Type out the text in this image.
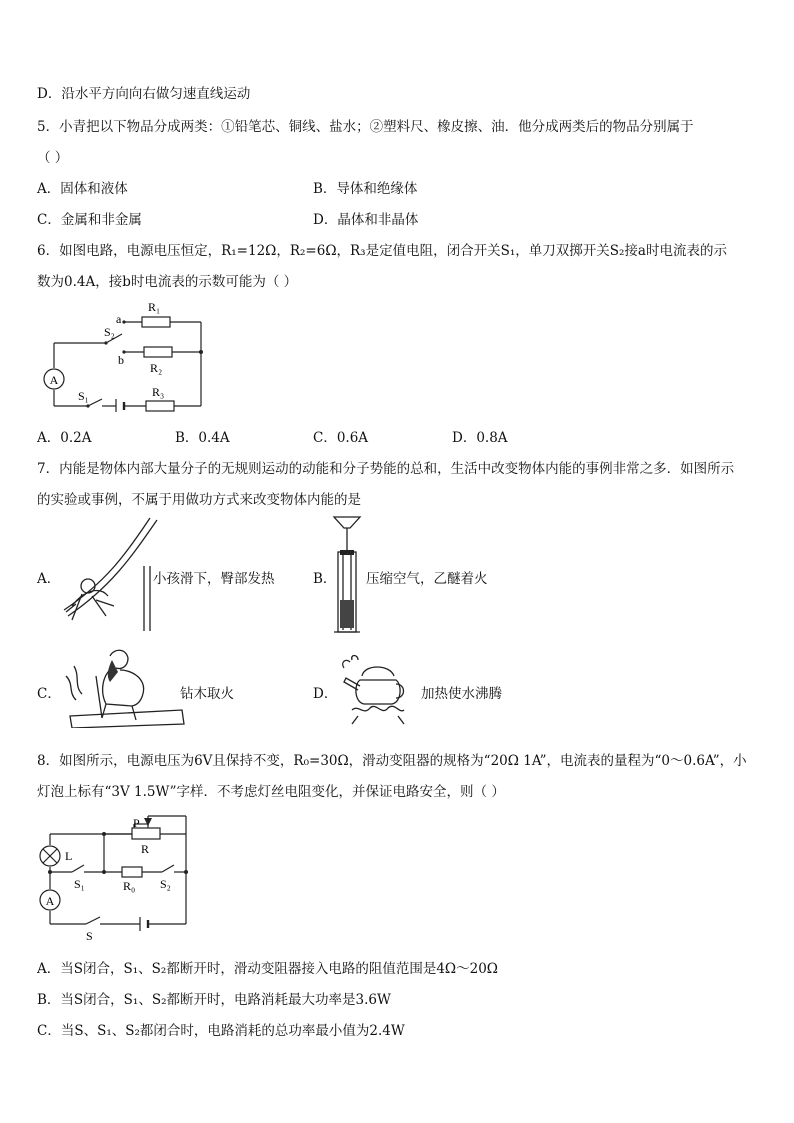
D．沿水平方向向右做匀速直线运动
5．小青把以下物品分成两类：①铅笔芯、铜线、盐水；②塑料尺、橡皮擦、油．他分成两类后的物品分别属于
（ ）
A．固体和液体	B．导体和绝缘体
C．金属和非金属	D．晶体和非晶体
6．如图电路，电源电压恒定，R₁=12Ω，R₂=6Ω，R₃是定值电阻，闭合开关S₁，单刀双掷开关S₂接a时电流表的示
数为0.4A，接b时电流表的示数可能为（ ）
A
R₁
R₂
R₃
S₁
S₂
a
b
A．0.2A	B．0.4A	C．0.6A	D．0.8A
7．内能是物体内部大量分子的无规则运动的动能和分子势能的总和，生活中改变物体内能的事例非常之多．如图所示
的实验或事例，不属于用做功方式来改变物体内能的是
A．	小孩滑下，臀部发热	B． 压缩空气，乙醚着火
C．	钻木取火	D．	加热使水沸腾
8．如图所示，电源电压为6V且保持不变，R₀=30Ω，滑动变阻器的规格为“20Ω 1A”，电流表的量程为“0～0.6A”，小
灯泡上标有“3V 1.5W”字样．不考虑灯丝电阻变化，并保证电路安全，则（ ）
A
P
R
L
S₁	R₀ S₂
S
A．当S闭合，S₁、S₂都断开时，滑动变阻器接入电路的阻值范围是4Ω～20Ω
B．当S闭合，S₁、S₂都断开时，电路消耗最大功率是3.6W
C．当S、S₁、S₂都闭合时，电路消耗的总功率最小值为2.4W
